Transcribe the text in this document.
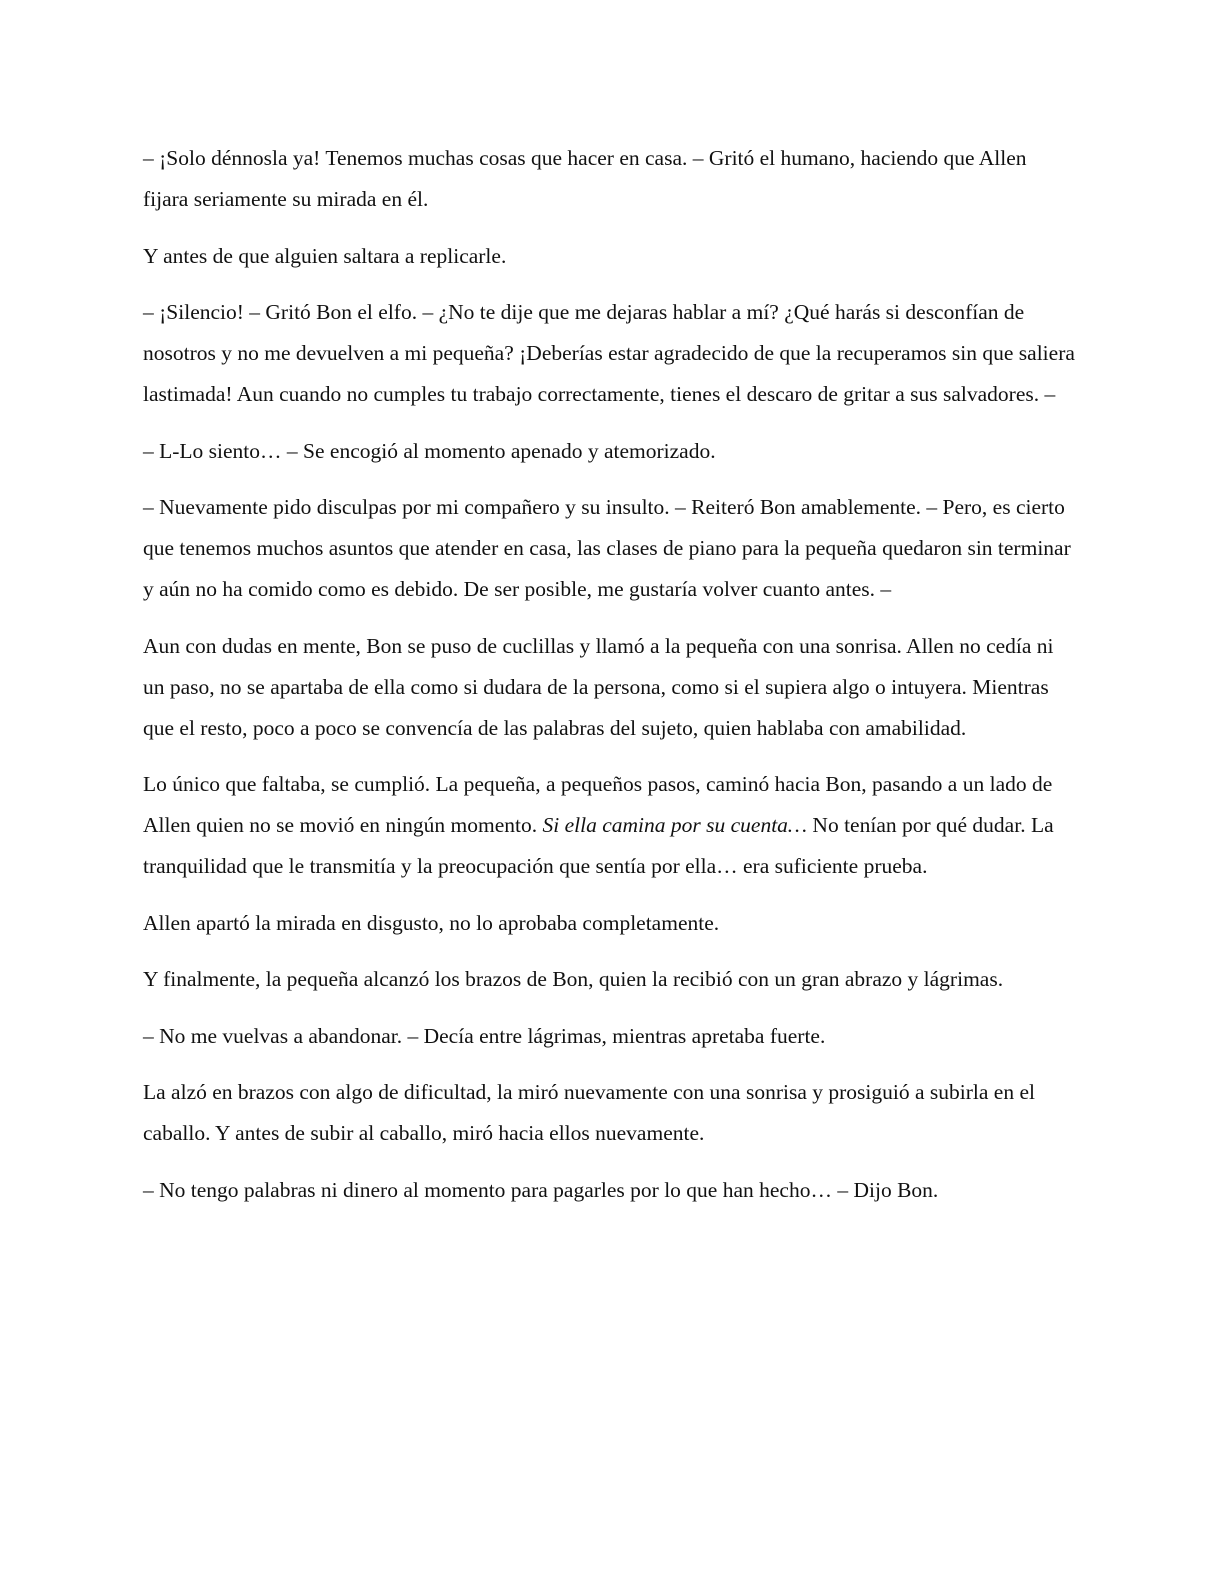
– ¡Solo dénnosla ya! Tenemos muchas cosas que hacer en casa. – Gritó el humano, haciendo que Allen fijara seriamente su mirada en él.

Y antes de que alguien saltara a replicarle.

– ¡Silencio! – Gritó Bon el elfo. – ¿No te dije que me dejaras hablar a mí? ¿Qué harás si desconfían de nosotros y no me devuelven a mi pequeña? ¡Deberías estar agradecido de que la recuperamos sin que saliera lastimada! Aun cuando no cumples tu trabajo correctamente, tienes el descaro de gritar a sus salvadores. –

– L-Lo siento… – Se encogió al momento apenado y atemorizado.

– Nuevamente pido disculpas por mi compañero y su insulto. – Reiteró Bon amablemente. – Pero, es cierto que tenemos muchos asuntos que atender en casa, las clases de piano para la pequeña quedaron sin terminar y aún no ha comido como es debido. De ser posible, me gustaría volver cuanto antes. –

Aun con dudas en mente, Bon se puso de cuclillas y llamó a la pequeña con una sonrisa. Allen no cedía ni un paso, no se apartaba de ella como si dudara de la persona, como si el supiera algo o intuyera. Mientras que el resto, poco a poco se convencía de las palabras del sujeto, quien hablaba con amabilidad.

Lo único que faltaba, se cumplió. La pequeña, a pequeños pasos, caminó hacia Bon, pasando a un lado de Allen quien no se movió en ningún momento. Si ella camina por su cuenta… No tenían por qué dudar. La tranquilidad que le transmitía y la preocupación que sentía por ella… era suficiente prueba.

Allen apartó la mirada en disgusto, no lo aprobaba completamente.

Y finalmente, la pequeña alcanzó los brazos de Bon, quien la recibió con un gran abrazo y lágrimas.

– No me vuelvas a abandonar. – Decía entre lágrimas, mientras apretaba fuerte.

La alzó en brazos con algo de dificultad, la miró nuevamente con una sonrisa y prosiguió a subirla en el caballo. Y antes de subir al caballo, miró hacia ellos nuevamente.

– No tengo palabras ni dinero al momento para pagarles por lo que han hecho… – Dijo Bon.
